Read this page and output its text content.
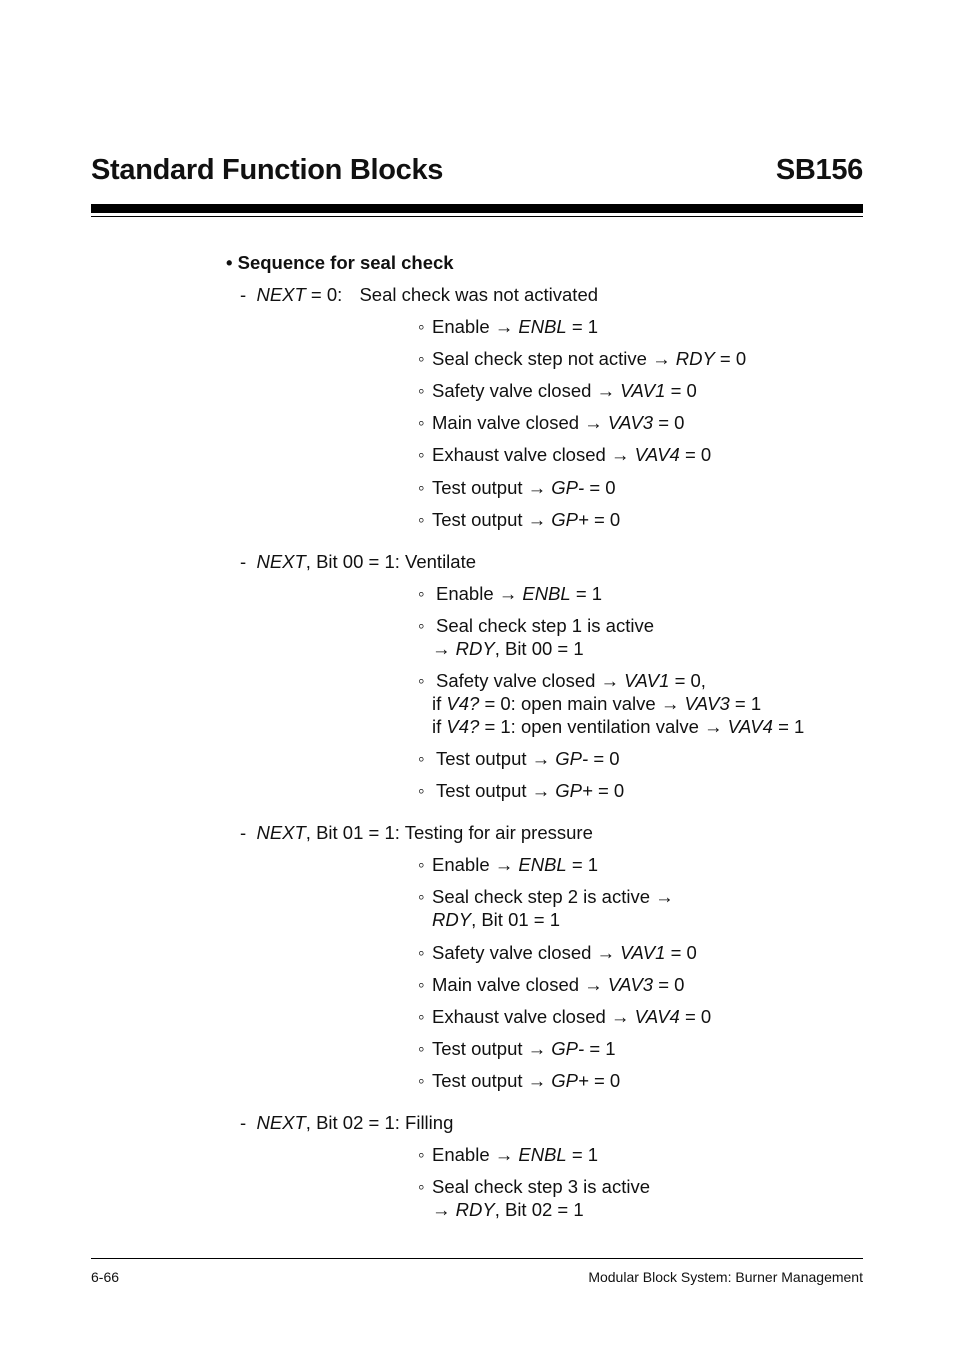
Standard Function Blocks	SB156
• Sequence for seal check
- NEXT = 0: Seal check was not activated
◦ Enable → ENBL = 1
◦ Seal check step not active → RDY = 0
◦ Safety valve closed → VAV1 = 0
◦ Main valve closed → VAV3 = 0
◦ Exhaust valve closed → VAV4 = 0
◦ Test output → GP- = 0
◦ Test output → GP+ = 0
- NEXT, Bit 00 = 1: Ventilate
◦ Enable → ENBL = 1
◦ Seal check step 1 is active
→ RDY, Bit 00 = 1
◦ Safety valve closed → VAV1 = 0,
if V4? = 0: open main valve → VAV3 = 1
if V4? = 1: open ventilation valve → VAV4 = 1
◦ Test output → GP- = 0
◦ Test output → GP+ = 0
- NEXT, Bit 01 = 1: Testing for air pressure
◦ Enable → ENBL = 1
◦ Seal check step 2 is active →
RDY, Bit 01 = 1
◦ Safety valve closed → VAV1 = 0
◦ Main valve closed → VAV3 = 0
◦ Exhaust valve closed → VAV4 = 0
◦ Test output → GP- = 1
◦ Test output → GP+ = 0
- NEXT, Bit 02 = 1: Filling
◦ Enable → ENBL = 1
◦ Seal check step 3 is active
→ RDY, Bit 02 = 1
6-66	Modular Block System: Burner Management
